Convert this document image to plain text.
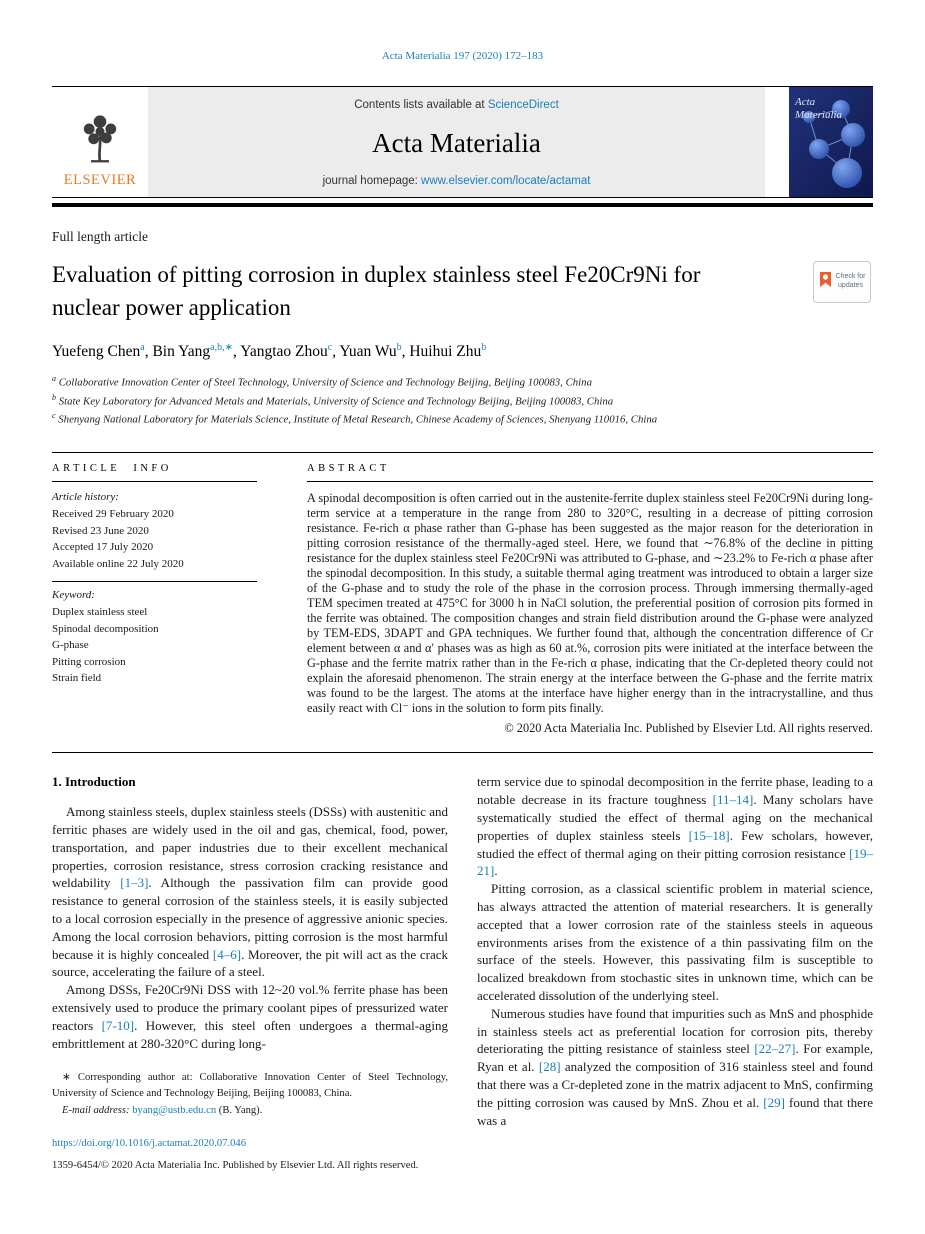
Acta Materialia 197 (2020) 172–183
ELSEVIER
Contents lists available at ScienceDirect
Acta Materialia
journal homepage: www.elsevier.com/locate/actamat
Acta
Materialia
Full length article
Evaluation of pitting corrosion in duplex stainless steel Fe20Cr9Ni for nuclear power application
Check for
updates
Yuefeng Chen$^a$, Bin Yang$^{a,b,∗}$, Yangtao Zhou$^c$, Yuan Wu$^b$, Huihui Zhu$^b$
$^a$ Collaborative Innovation Center of Steel Technology, University of Science and Technology Beijing, Beijing 100083, China
$^b$ State Key Laboratory for Advanced Metals and Materials, University of Science and Technology Beijing, Beijing 100083, China
$^c$ Shenyang National Laboratory for Materials Science, Institute of Metal Research, Chinese Academy of Sciences, Shenyang 110016, China
ARTICLE INFO
Article history:
Received 29 February 2020
Revised 23 June 2020
Accepted 17 July 2020
Available online 22 July 2020
Keyword:
Duplex stainless steel
Spinodal decomposition
G-phase
Pitting corrosion
Strain field
ABSTRACT
A spinodal decomposition is often carried out in the austenite-ferrite duplex stainless steel Fe20Cr9Ni during long-term service at a temperature in the range from 280 to 320°C, resulting in a decrease of pitting corrosion resistance. Fe-rich α phase rather than G-phase has been suggested as the major reason for the deterioration in pitting corrosion resistance of the thermally-aged steel. Here, we found that ∼76.8% of the decline in pitting resistance for the duplex stainless steel Fe20Cr9Ni was attributed to G-phase, and ∼23.2% to Fe-rich α phase after the spinodal decomposition. In this study, a suitable thermal aging treatment was introduced to obtain a larger size of the G-phase and to study the role of the phase in the corrosion process. Through immersing thermally-aged TEM specimen treated at 475°C for 3000 h in NaCl solution, the preferential position of corrosion pits formed in the ferrite was obtained. The composition changes and strain field distribution around the G-phase were analyzed by TEM-EDS, 3DAPT and GPA techniques. We further found that, although the concentration difference of Cr element between α and α′ phases was as high as 60 at.%, corrosion pits were initiated at the interface between the G-phase and the ferrite matrix rather than in the Fe-rich α phase, indicating that the Cr-depleted theory could not explain the aforesaid phenomenon. The strain energy at the interface between the G-phase and the ferrite matrix was found to be the largest. The atoms at the interface have higher energy than in the intracrystalline, and thus easily react with Cl⁻ ions in the solution to form pits finally.
© 2020 Acta Materialia Inc. Published by Elsevier Ltd. All rights reserved.
1. Introduction

Among stainless steels, duplex stainless steels (DSSs) with austenitic and ferritic phases are widely used in the oil and gas, chemical, food, power, transportation, and paper industries due to their excellent mechanical properties, corrosion resistance, stress corrosion cracking resistance and weldability [1–3]. Although the passivation film can provide good resistance to general corrosion of the stainless steels, it is easily subjected to a local corrosion especially in the presence of aggressive anionic species. Among the local corrosion behaviors, pitting corrosion is the most harmful because it is highly concealed [4–6]. Moreover, the pit will act as the crack source, accelerating the failure of a steel.

Among DSSs, Fe20Cr9Ni DSS with 12~20 vol.% ferrite phase has been extensively used to produce the primary coolant pipes of pressurized water reactors [7-10]. However, this steel often undergoes a thermal-aging embrittlement at 280-320°C during long-

∗ Corresponding author at: Collaborative Innovation Center of Steel Technology, University of Science and Technology Beijing, Beijing 100083, China.
E-mail address: byang@ustb.edu.cn (B. Yang).
https://doi.org/10.1016/j.actamat.2020.07.046
1359-6454/© 2020 Acta Materialia Inc. Published by Elsevier Ltd. All rights reserved.

term service due to spinodal decomposition in the ferrite phase, leading to a notable decrease in its fracture toughness [11–14]. Many scholars have systematically studied the effect of thermal aging on the mechanical properties of duplex stainless steels [15–18]. Few scholars, however, studied the effect of thermal aging on their pitting corrosion resistance [19–21].

Pitting corrosion, as a classical scientific problem in material science, has always attracted the attention of material researchers. It is generally accepted that a lower corrosion rate of the stainless steels in aqueous environments arises from the existence of a thin passivating film on the surface of the steels. However, this passivating film is susceptible to localized breakdown from stochastic sites in unknown time, which can be accelerated dissolution of the underlying steel.

Numerous studies have found that impurities such as MnS and phosphide in stainless steels act as preferential location for corrosion pits, thereby deteriorating the pitting resistance of stainless steel [22–27]. For example, Ryan et al. [28] analyzed the composition of 316 stainless steel and found that there was a Cr-depleted zone in the matrix adjacent to MnS, confirming the pitting corrosion was caused by MnS. Zhou et al. [29] found that there was a
